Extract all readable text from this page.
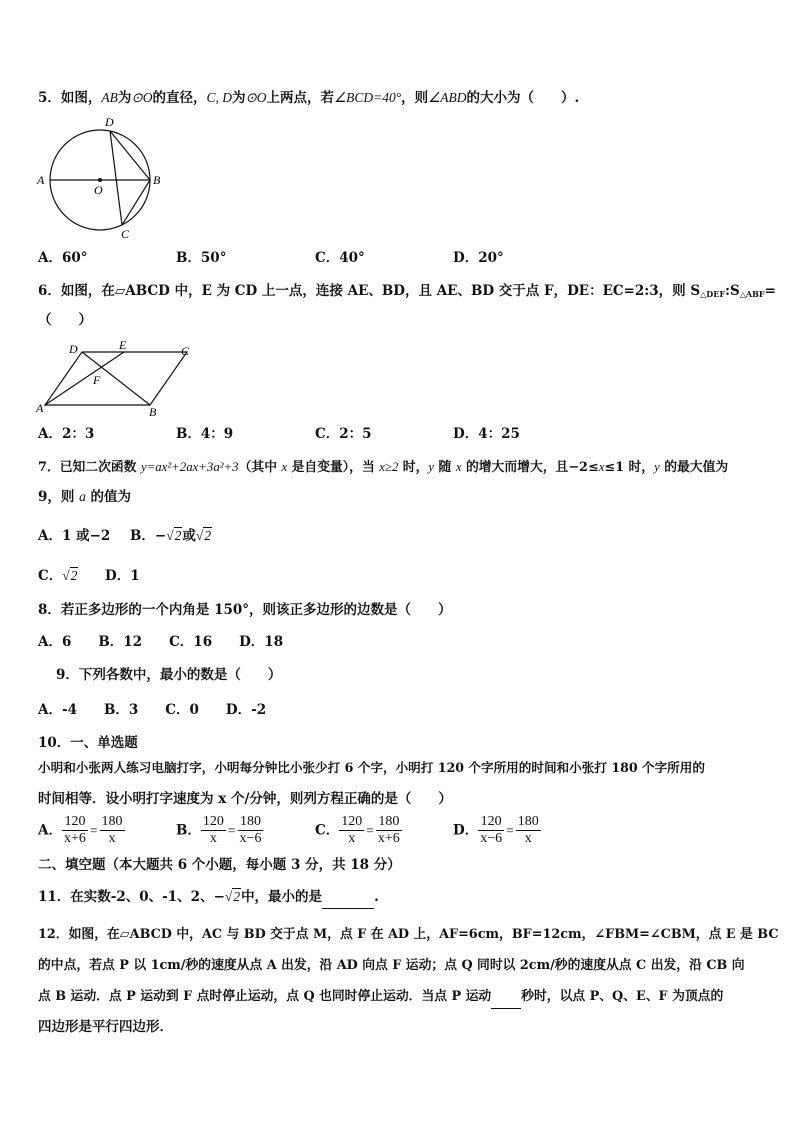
5．如图，AB为⊙O的直径，C, D为⊙O上两点，若∠BCD=40°，则∠ABD的大小为（　　）.
A	B
D
C
O
A．60°	B．50°	C．40°	D．20°
6．如图，在▱ABCD 中，E 为 CD 上一点，连接 AE、BD，且 AE、BD 交于点 F，DE：EC=2:3，则 $S_{\triangle DEF}:S_{\triangle ABF}=$
（　　）
D	E	C
F
A	B
A．2：3	B．4：9	C．2：5	D．4：25
7．已知二次函数 y=ax²+2ax+3a²+3（其中 x 是自变量），当 x≥2 时，y 随 x 的增大而增大，且−2≤x≤1 时，y 的最大值为
9，则 a 的值为
A．1 或−2 B．−√2或√2
C．√2 D．1
8．若正多边形的一个内角是 150°，则该正多边形的边数是（　　）
A．6　　B．12　　C．16　　D．18
9．下列各数中，最小的数是（　　）
A．-4　　B．3　　C．0　　D．-2
10．一、单选题
小明和小张两人练习电脑打字，小明每分钟比小张少打 6 个字，小明打 120 个字所用的时间和小张打 180 个字所用的
时间相等．设小明打字速度为 x 个/分钟，则列方程正确的是（　　）
A． $\frac{120}{x+6} = \frac{180}{x}$	B． $\frac{120}{x} = \frac{180}{x-6}$	C． $\frac{120}{x} = \frac{180}{x+6}$	D． $\frac{120}{x-6} = \frac{180}{x}$
二、填空题（本大题共 6 个小题，每小题 3 分，共 18 分）
11．在实数-2、0、-1、2、−√2中，最小的是	.
12．如图，在▱ABCD 中，AC 与 BD 交于点 M，点 F 在 AD 上，AF=6cm，BF=12cm，∠FBM=∠CBM，点 E 是 BC
的中点，若点 P 以 1cm/秒的速度从点 A 出发，沿 AD 向点 F 运动；点 Q 同时以 2cm/秒的速度从点 C 出发，沿 CB 向
点 B 运动．点 P 运动到 F 点时停止运动，点 Q 也同时停止运动．当点 P 运动 秒时，以点 P、Q、E、F 为顶点的
四边形是平行四边形．
